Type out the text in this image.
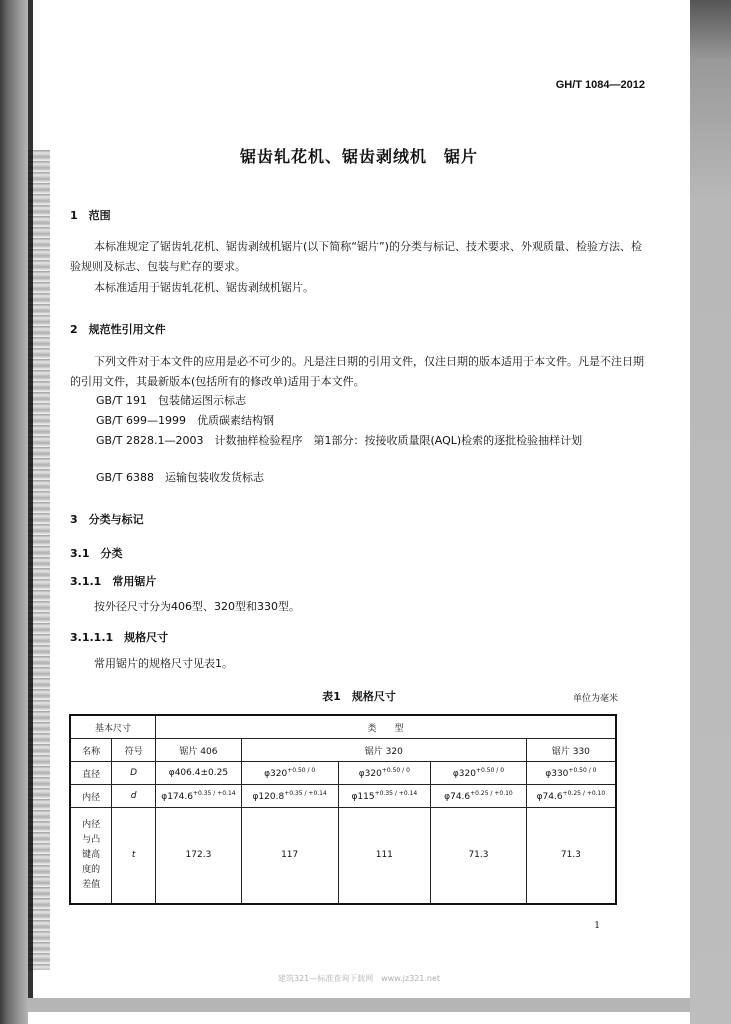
GH/T 1084—2012
锯齿轧花机、锯齿剥绒机　锯片
1　范围
本标准规定了锯齿轧花机、锯齿剥绒机锯片(以下简称“锯片”)的分类与标记、技术要求、外观质量、检验方法、检验规则及标志、包装与贮存的要求。
本标准适用于锯齿轧花机、锯齿剥绒机锯片。
2　规范性引用文件
下列文件对于本文件的应用是必不可少的。凡是注日期的引用文件，仅注日期的版本适用于本文件。凡是不注日期的引用文件，其最新版本(包括所有的修改单)适用于本文件。
GB/T 191　包装储运图示标志
GB/T 699—1999　优质碳素结构钢
GB/T 2828.1—2003　计数抽样检验程序　第1部分：按接收质量限(AQL)检索的逐批检验抽样计划
GB/T 6388　运输包装收发货标志
3　分类与标记
3.1　分类
3.1.1　常用锯片
按外径尺寸分为406型、320型和330型。
3.1.1.1　规格尺寸
常用锯片的规格尺寸见表1。
表1　规格尺寸	单位为毫米
基本尺寸		类　　型				
名称	符号	锯片 406	锯片 320			锯片 330
直径	D	φ406.4±0.25	$\varphi 320^{+0.50 / 0}$	$\varphi 320^{+0.50 / 0}$	$\varphi 320^{+0.50 / 0}$	$\varphi 330^{+0.50 / 0}$
内径	d	$\varphi 174.6^{+0.35 / +0.14}$	$\varphi 120.8^{+0.35 / +0.14}$	$\varphi 115^{+0.35 / +0.14}$	$\varphi 74.6^{+0.25 / +0.10}$	$\varphi 74.6^{+0.25 / +0.10}$

内径
与凸
键高
度的
差值	t	172.3	117	111	71.3	71.3
1
建筑321—标准查询下载网　www.jz321.net
